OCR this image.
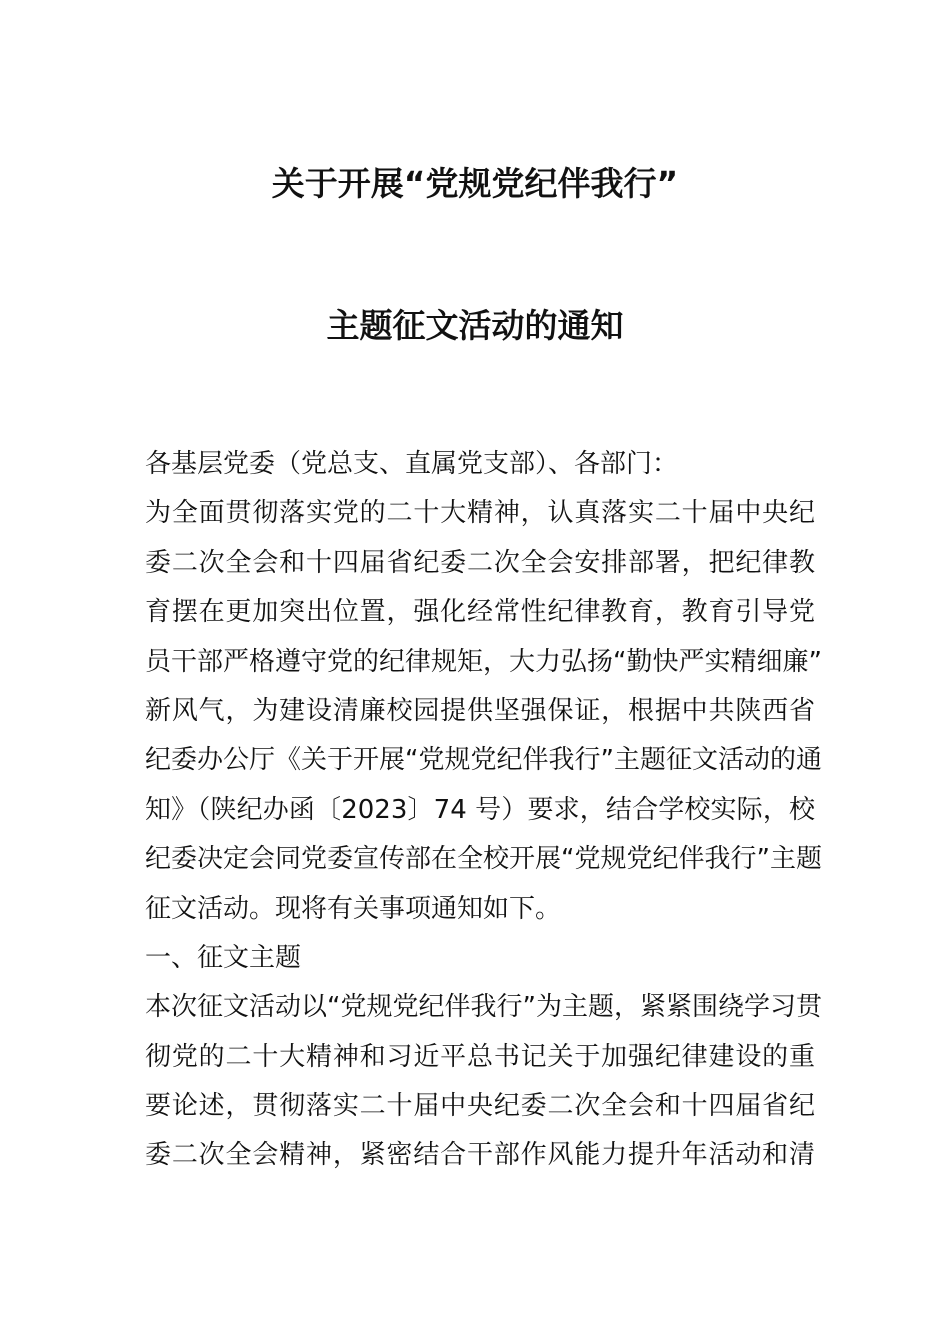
关于开展“党规党纪伴我行”
主题征文活动的通知
各基层党委（党总支、直属党支部）、各部门：
为全面贯彻落实党的二十大精神，认真落实二十届中央纪
委二次全会和十四届省纪委二次全会安排部署，把纪律教
育摆在更加突出位置，强化经常性纪律教育，教育引导党
员干部严格遵守党的纪律规矩，大力弘扬“勤快严实精细廉”
新风气，为建设清廉校园提供坚强保证，根据中共陕西省
纪委办公厅《关于开展“党规党纪伴我行”主题征文活动的通
知》（陕纪办函〔2023〕74 号）要求，结合学校实际，校
纪委决定会同党委宣传部在全校开展“党规党纪伴我行”主题
征文活动。现将有关事项通知如下。
一、征文主题
本次征文活动以“党规党纪伴我行”为主题，紧紧围绕学习贯
彻党的二十大精神和习近平总书记关于加强纪律建设的重
要论述，贯彻落实二十届中央纪委二次全会和十四届省纪
委二次全会精神，紧密结合干部作风能力提升年活动和清
